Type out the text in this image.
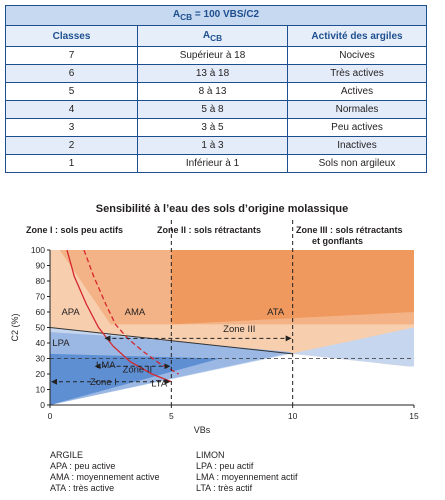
$A_{CB} = 100$ VBS/C2		
Classes	$A_{CB}$	Activité des argiles
7	Supérieur à 18	Nocives
6	13 à 18	Très actives
5	8 à 13	Actives
4	5 à 8	Normales
3	3 à 5	Peu actives
2	1 à 3	Inactives
1	Inférieur à 1	Sols non argileux
Zone I
Zone II
Zone III
APA	AMA	ATA
LPA
LMA
LTA
0
10
20
30
40
50
60
70
80
90
100
0	5	10	15
VBs
C2 (%)
Sensibilité à l’eau des sols d’origine molassique
Zone I : sols peu actifs	Zone II : sols rétractants	Zone III : sols rétractants
et gonflants
ARGILE
APA : peu active
AMA : moyennement active
ATA : très active
LIMON
LPA : peu actif
LMA : moyennement actif
LTA : très actif
